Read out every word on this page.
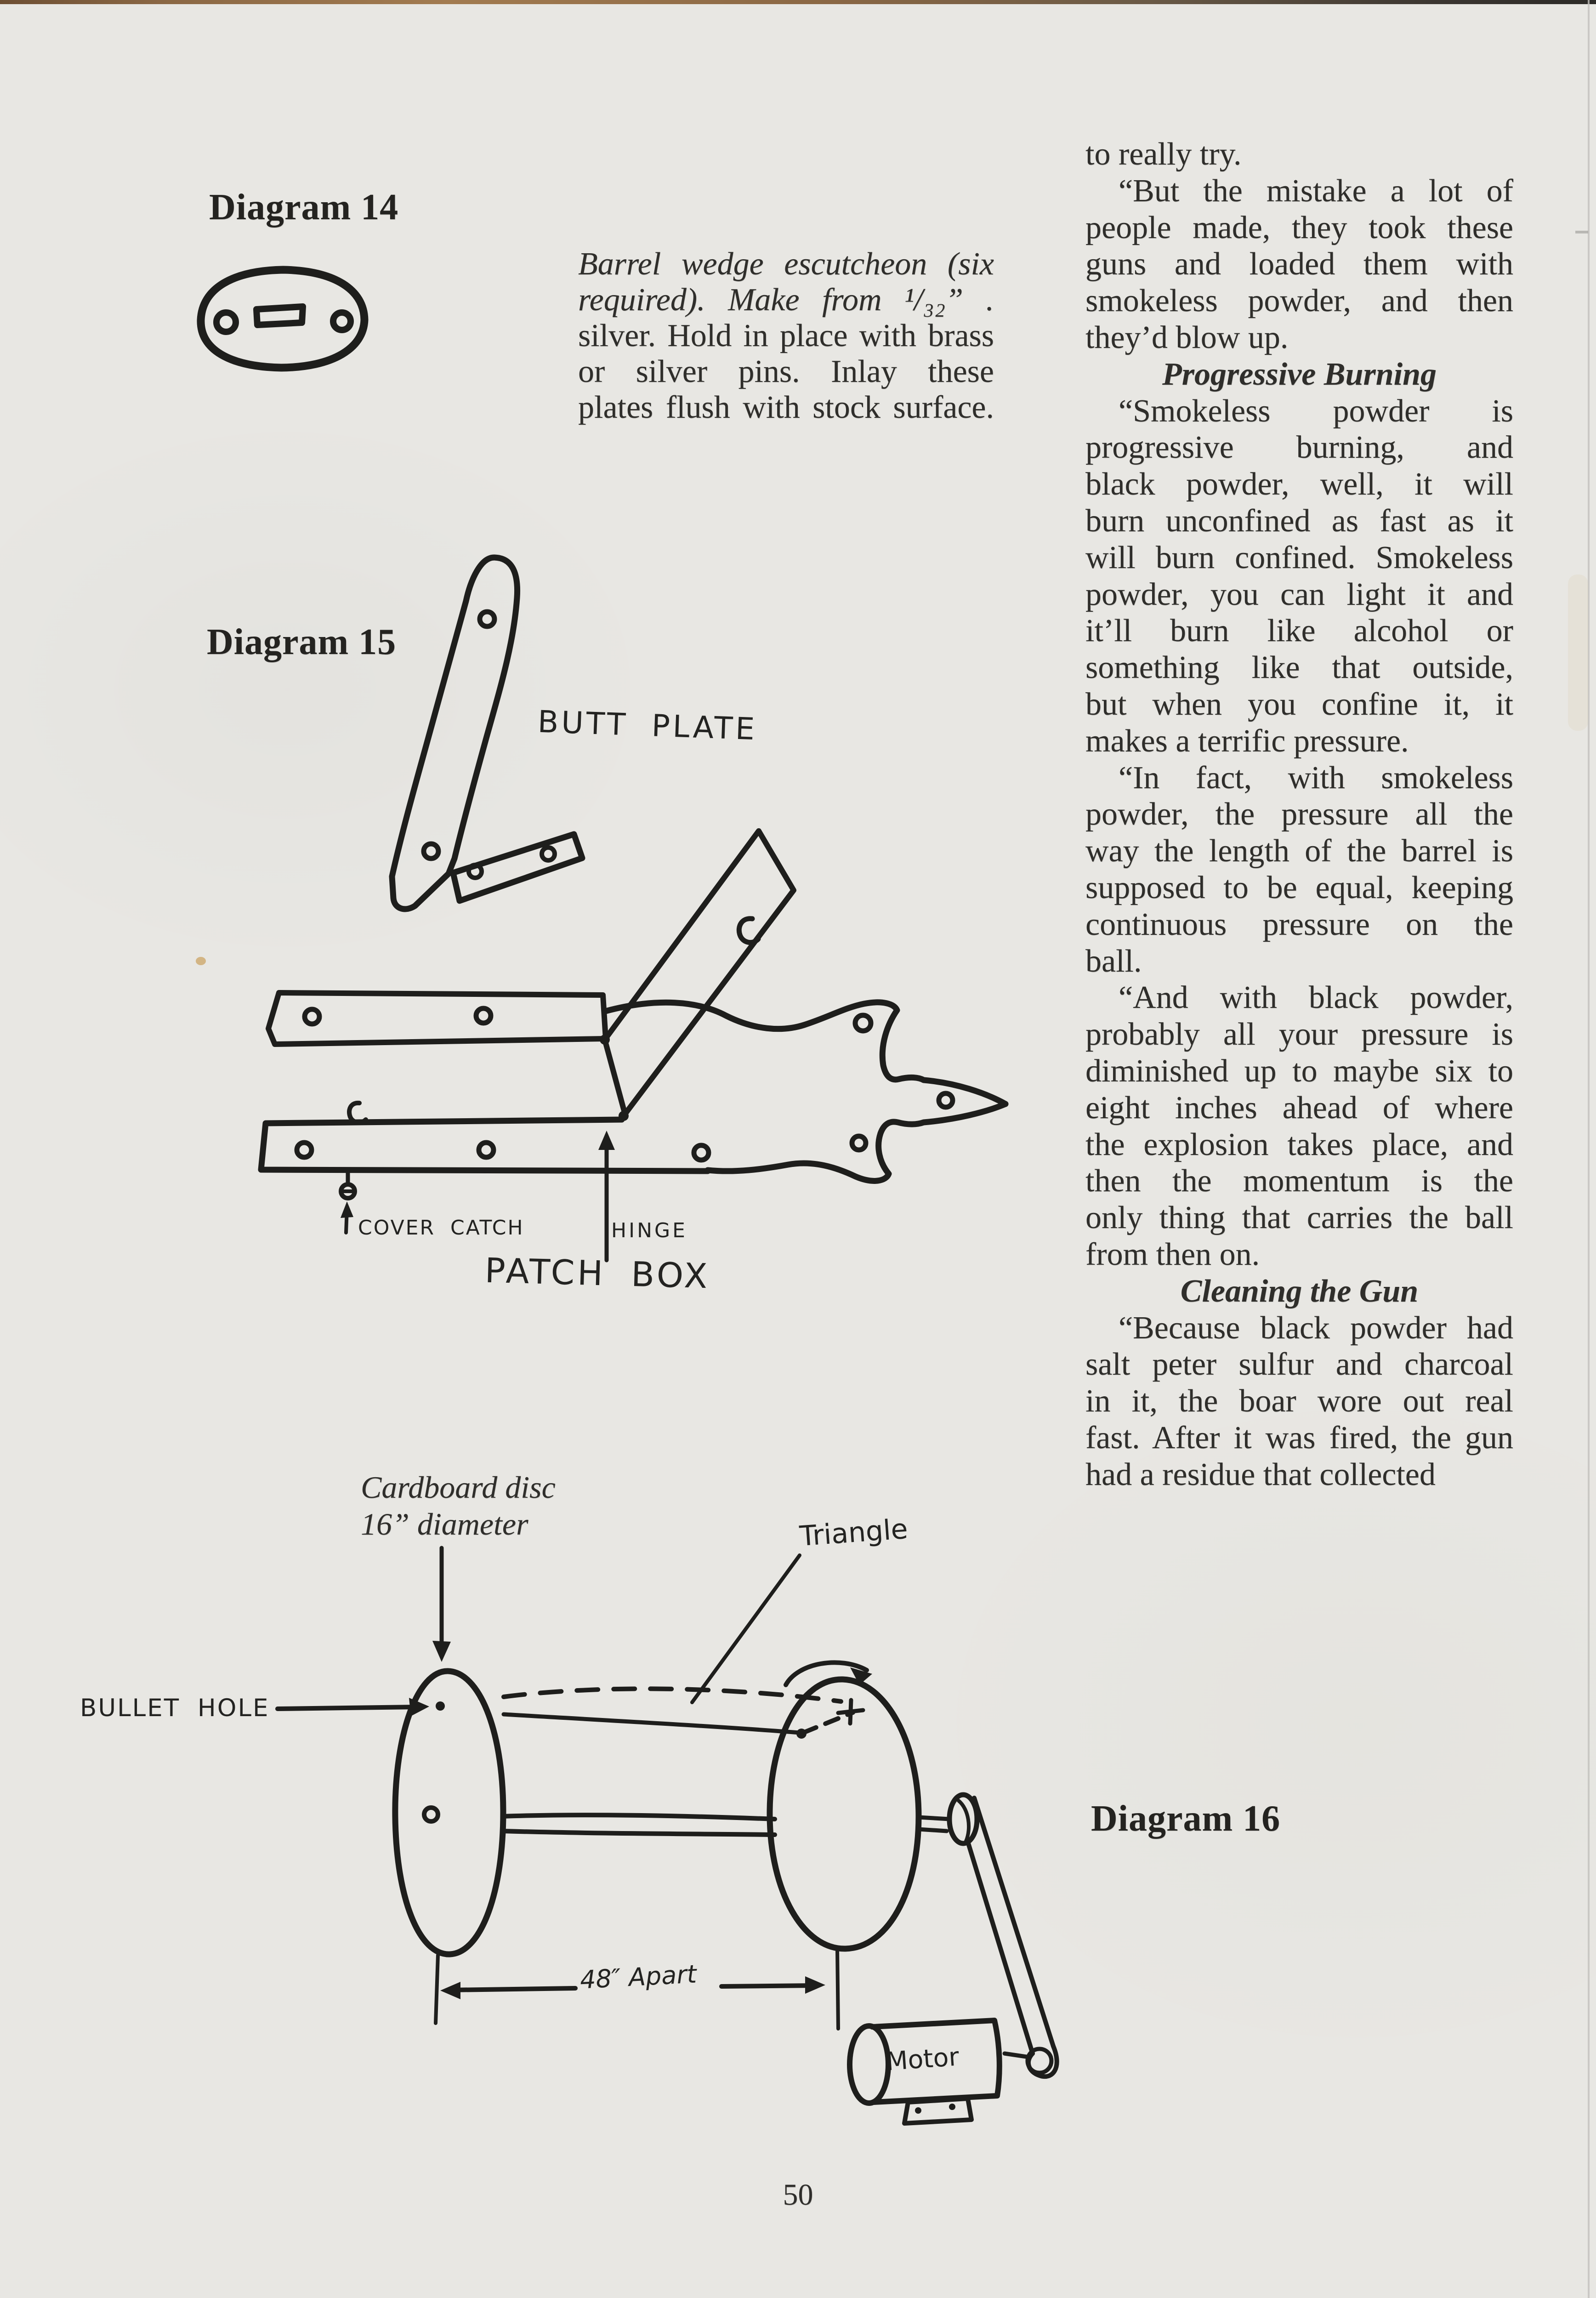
Diagram 14
Diagram 15
Diagram 16
Barrel wedge escutcheon (six
required). Make from ¹/₃₂” .
silver. Hold in place with brass
or silver pins. Inlay these
plates flush with stock surface.
to really try.
“But the mistake a lot of
people made, they took these
guns and loaded them with
smokeless powder, and then
they’d blow up.
Progressive Burning
“Smokeless powder is
progressive burning, and
black powder, well, it will
burn unconfined as fast as it
will burn confined. Smokeless
powder, you can light it and
it’ll burn like alcohol or
something like that outside,
but when you confine it, it
makes a terrific pressure.
“In fact, with smokeless
powder, the pressure all the
way the length of the barrel is
supposed to be equal, keeping
continuous pressure on the
ball.
“And with black powder,
probably all your pressure is
diminished up to maybe six to
eight inches ahead of where
the explosion takes place, and
then the momentum is the
only thing that carries the ball
from then on.
Cleaning the Gun
“Because black powder had
salt peter sulfur and charcoal
in it, the boar wore out real
fast. After it was fired, the gun
had a residue that collected
Cardboard disc
16” diameter
BUTT PLATE
COVER CATCH	HINGE
PATCH BOX
BULLET HOLE
Triangle
48″ Apart
Motor
50
